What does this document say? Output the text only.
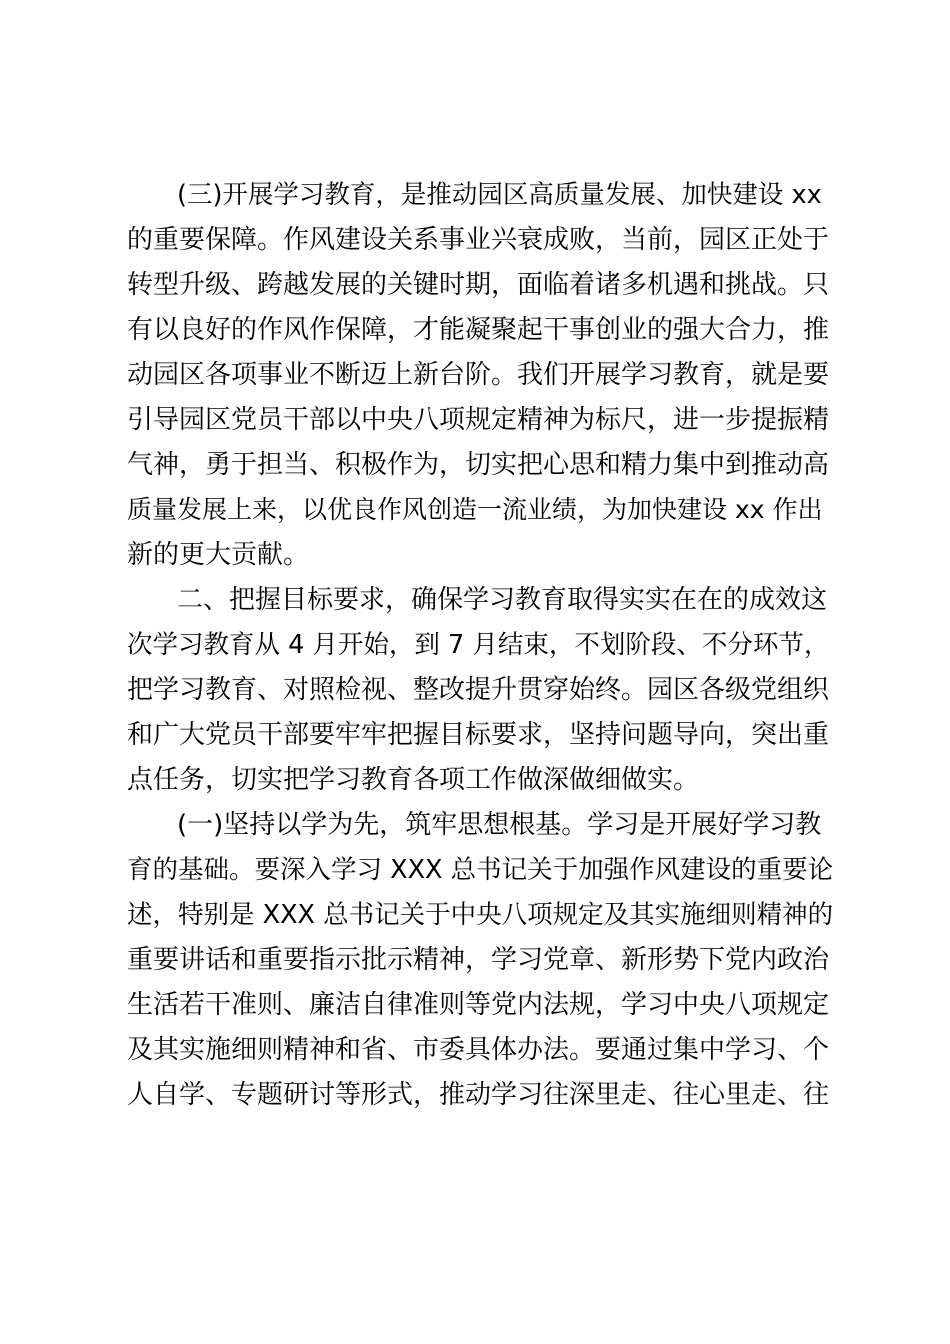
(三)开展学习教育，是推动园区高质量发展、加快建设 xx
的重要保障。作风建设关系事业兴衰成败，当前，园区正处于
转型升级、跨越发展的关键时期，面临着诸多机遇和挑战。只
有以良好的作风作保障，才能凝聚起干事创业的强大合力，推
动园区各项事业不断迈上新台阶。我们开展学习教育，就是要
引导园区党员干部以中央八项规定精神为标尺，进一步提振精
气神，勇于担当、积极作为，切实把心思和精力集中到推动高
质量发展上来，以优良作风创造一流业绩，为加快建设 xx 作出
新的更大贡献。
二、把握目标要求，确保学习教育取得实实在在的成效这
次学习教育从 4 月开始，到 7 月结束，不划阶段、不分环节，
把学习教育、对照检视、整改提升贯穿始终。园区各级党组织
和广大党员干部要牢牢把握目标要求，坚持问题导向，突出重
点任务，切实把学习教育各项工作做深做细做实。
(一)坚持以学为先，筑牢思想根基。学习是开展好学习教
育的基础。要深入学习 XXX 总书记关于加强作风建设的重要论
述，特别是 XXX 总书记关于中央八项规定及其实施细则精神的
重要讲话和重要指示批示精神，学习党章、新形势下党内政治
生活若干准则、廉洁自律准则等党内法规，学习中央八项规定
及其实施细则精神和省、市委具体办法。要通过集中学习、个
人自学、专题研讨等形式，推动学习往深里走、往心里走、往
